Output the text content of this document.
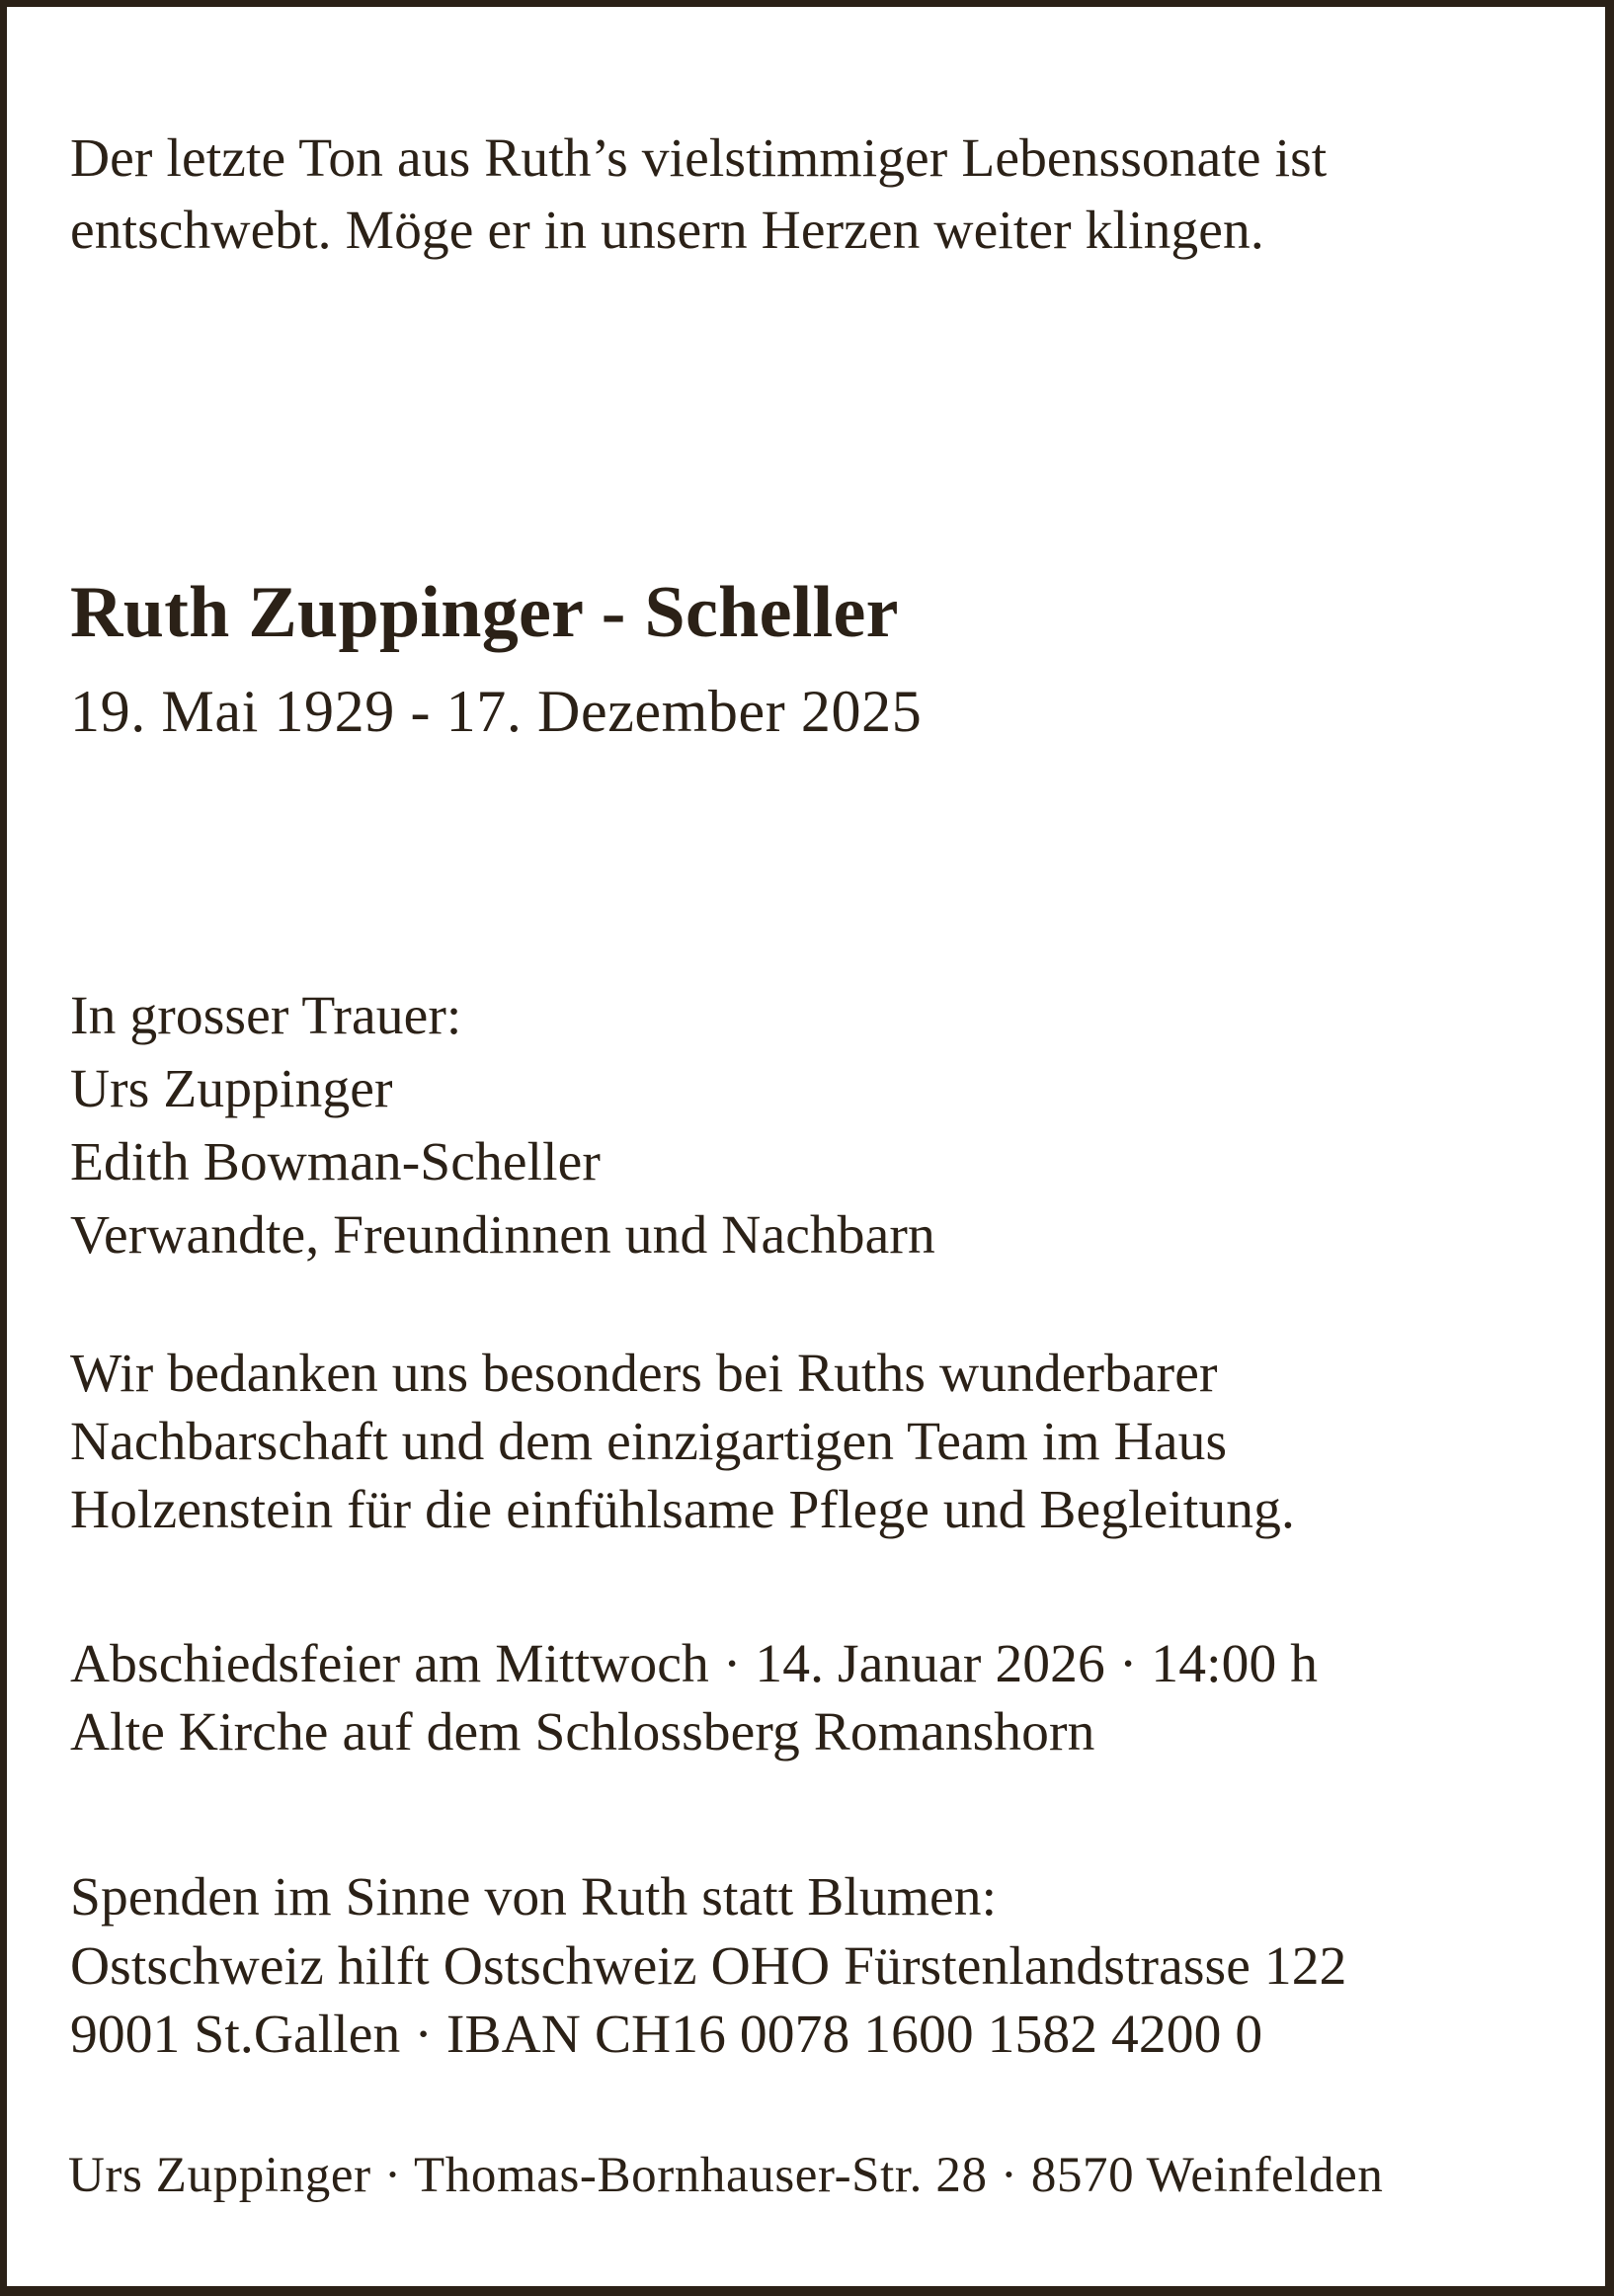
Der letzte Ton aus Ruth’s vielstimmiger Lebenssonate ist

entschwebt. Möge er in unsern Herzen weiter klingen.

Ruth Zuppinger - Scheller

19. Mai 1929 - 17. Dezember 2025

In grosser Trauer:

Urs Zuppinger

Edith Bowman-Scheller

Verwandte, Freundinnen und Nachbarn

Wir bedanken uns besonders bei Ruths wunderbarer

Nachbarschaft und dem einzigartigen Team im Haus

Holzenstein für die einfühlsame Pflege und Begleitung.

Abschiedsfeier am Mittwoch · 14. Januar 2026 · 14:00 h

Alte Kirche auf dem Schlossberg Romanshorn

Spenden im Sinne von Ruth statt Blumen:

Ostschweiz hilft Ostschweiz OHO Fürstenlandstrasse 122

9001 St.Gallen · IBAN CH16 0078 1600 1582 4200 0

Urs Zuppinger · Thomas-Bornhauser-Str. 28 · 8570 Weinfelden
